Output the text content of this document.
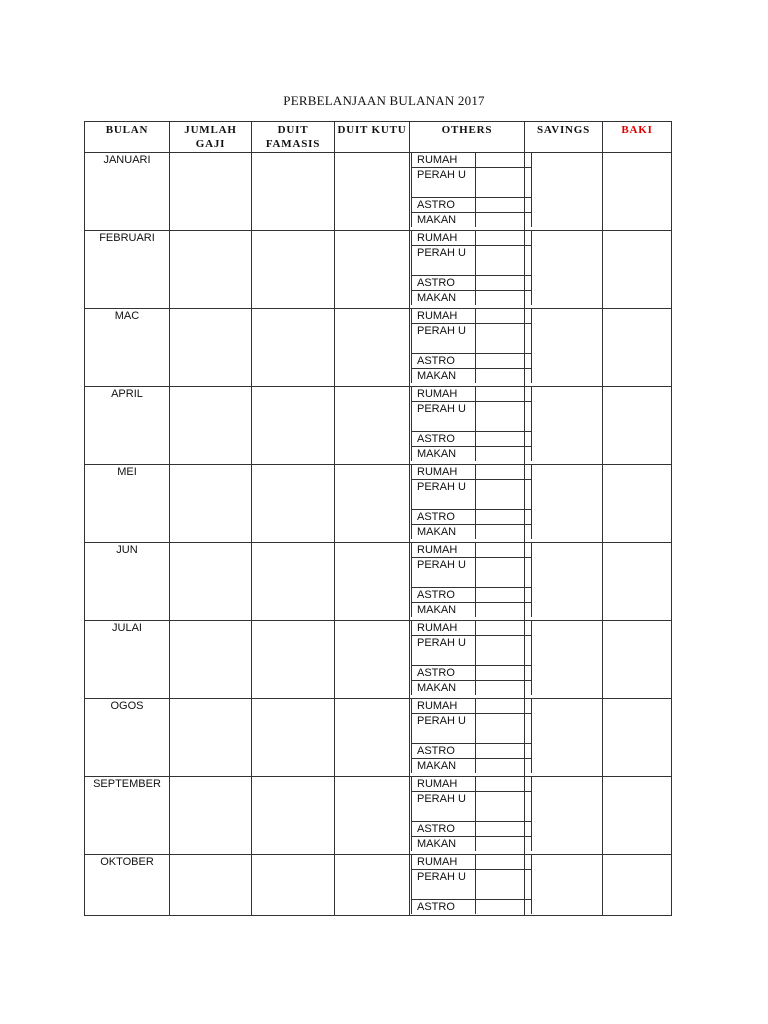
PERBELANJAAN BULANAN 2017
BULAN	JUMLAH GAJI	DUIT FAMASIS	DUIT KUTU	OTHERS	SAVINGS	BAKI
JANUARI					RUMAH	
PERAH U	
ASTRO	
MAKAN	

FEBRUARI					RUMAH	
PERAH U	
ASTRO	
MAKAN	

MAC					RUMAH	
PERAH U	
ASTRO	
MAKAN	

APRIL					RUMAH	
PERAH U	
ASTRO	
MAKAN	

MEI					RUMAH	
PERAH U	
ASTRO	
MAKAN	

JUN					RUMAH	
PERAH U	
ASTRO	
MAKAN	

JULAI					RUMAH	
PERAH U	
ASTRO	
MAKAN	

OGOS					RUMAH	
PERAH U	
ASTRO	
MAKAN	

SEPTEMBER					RUMAH	
PERAH U	
ASTRO	
MAKAN	

OKTOBER					RUMAH	
PERAH U	
ASTRO	
